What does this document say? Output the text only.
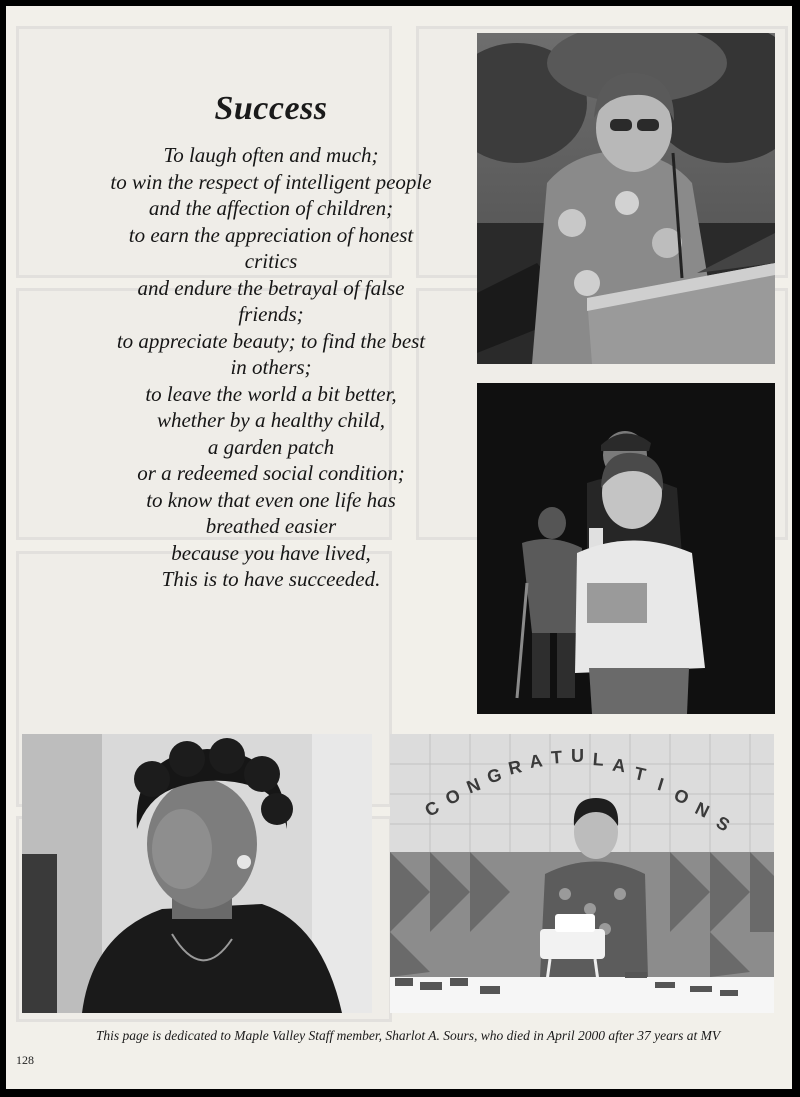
Success
To laugh often and much;
to win the respect of intelligent people
and the affection of children;
to earn the appreciation of honest
critics
and endure the betrayal of false
friends;
to appreciate beauty; to find the best
in others;
to leave the world a bit better,
whether by a healthy child,
a garden patch
or a redeemed social condition;
to know that even one life has
breathed easier
because you have lived,
This is to have succeeded.
C O N G R A T U L A T I
O
N
S

This page is dedicated to Maple Valley Staff member, Sharlot A. Sours, who died in April 2000 after 37 years at MV

128
